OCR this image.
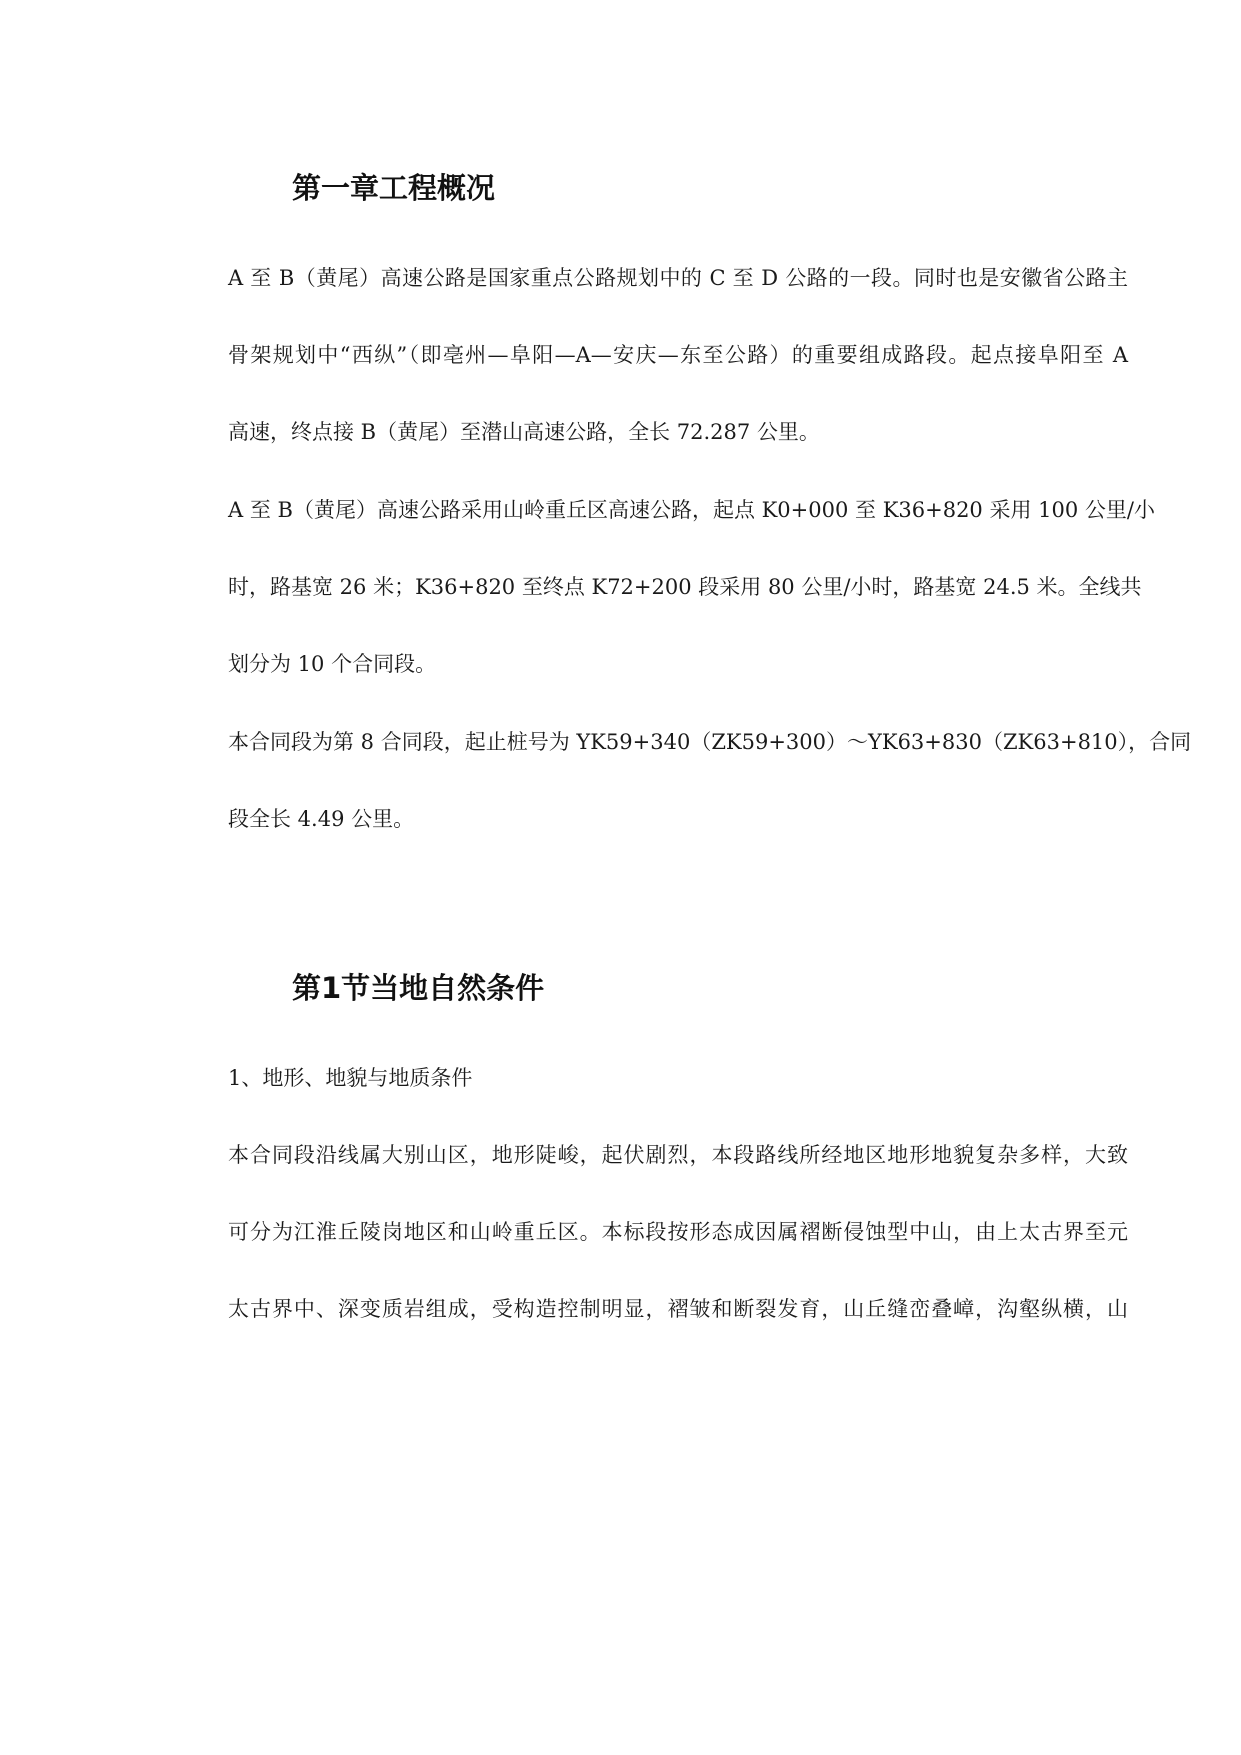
第一章工程概况
A 至 B（黄尾）高速公路是国家重点公路规划中的 C 至 D 公路的一段。同时也是安徽省公路主
骨架规划中“西纵”（即亳州—阜阳—A—安庆—东至公路）的重要组成路段。起点接阜阳至 A
高速，终点接 B（黄尾）至潜山高速公路，全长 72.287 公里。
A 至 B（黄尾）高速公路采用山岭重丘区高速公路，起点 K0+000 至 K36+820 采用 100 公里/小
时，路基宽 26 米；K36+820 至终点 K72+200 段采用 80 公里/小时，路基宽 24.5 米。全线共
划分为 10 个合同段。
本合同段为第 8 合同段，起止桩号为 YK59+340（ZK59+300）～YK63+830（ZK63+810），合同
段全长 4.49 公里。
第1节当地自然条件
1、地形、地貌与地质条件
本合同段沿线属大别山区，地形陡峻，起伏剧烈，本段路线所经地区地形地貌复杂多样，大致
可分为江淮丘陵岗地区和山岭重丘区。本标段按形态成因属褶断侵蚀型中山，由上太古界至元
太古界中、深变质岩组成，受构造控制明显，褶皱和断裂发育，山丘缝峦叠嶂，沟壑纵横，山
